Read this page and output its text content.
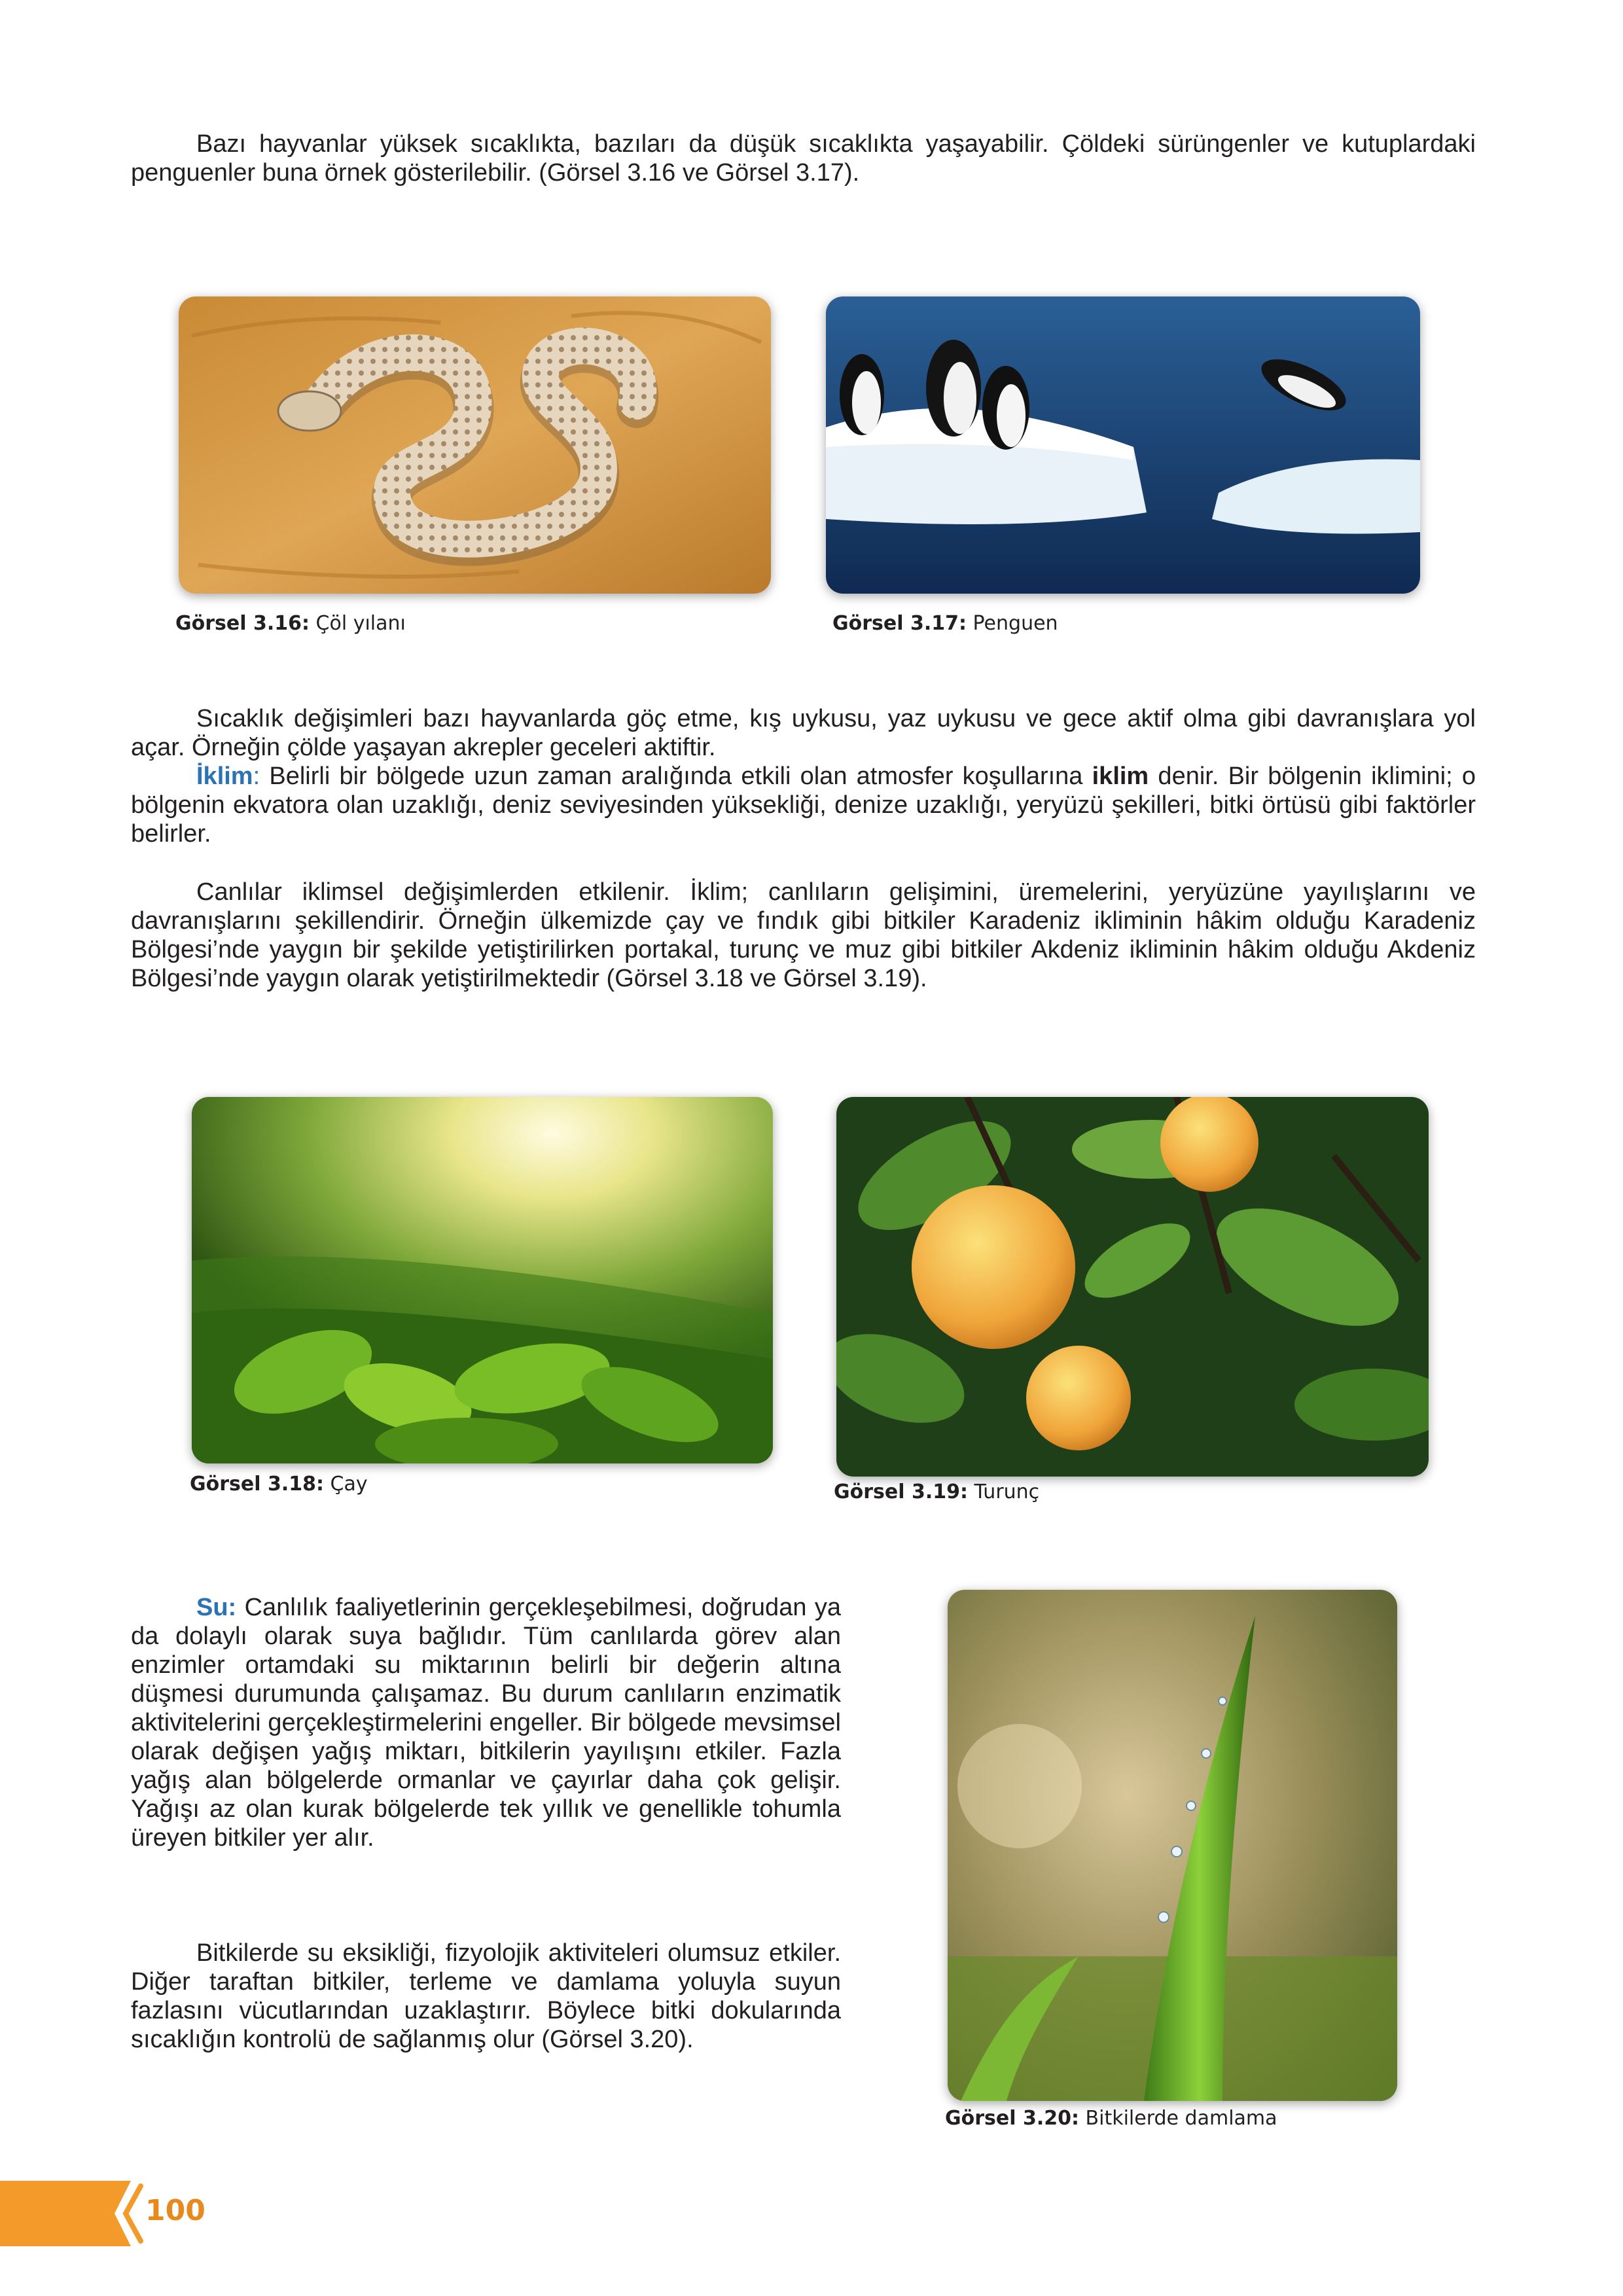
Bazı hayvanlar yüksek sıcaklıkta, bazıları da düşük sıcaklıkta yaşayabilir. Çöldeki sürüngenler ve kutuplardaki penguenler buna örnek gösterilebilir. (Görsel 3.16 ve Görsel 3.17).

Görsel 3.16: Çöl yılanı	Görsel 3.17: Penguen

Sıcaklık değişimleri bazı hayvanlarda göç etme, kış uykusu, yaz uykusu ve gece aktif olma gibi davranışlara yol açar. Örneğin çölde yaşayan akrepler geceleri aktiftir.

İklim: Belirli bir bölgede uzun zaman aralığında etkili olan atmosfer koşullarına iklim denir. Bir bölgenin iklimini; o bölgenin ekvatora olan uzaklığı, deniz seviyesinden yüksekliği, denize uzaklığı, yeryüzü şekilleri, bitki örtüsü gibi faktörler belirler.

Canlılar iklimsel değişimlerden etkilenir. İklim; canlıların gelişimini, üremelerini, yeryüzüne yayılışlarını ve davranışlarını şekillendirir. Örneğin ülkemizde çay ve fındık gibi bitkiler Karadeniz ikliminin hâkim olduğu Karadeniz Bölgesi’nde yaygın bir şekilde yetiştirilirken portakal, turunç ve muz gibi bitkiler Akdeniz ikliminin hâkim olduğu Akdeniz Bölgesi’nde yaygın olarak yetiştirilmektedir (Görsel 3.18 ve Görsel 3.19).

Görsel 3.18: Çay	Görsel 3.19: Turunç

Su: Canlılık faaliyetlerinin gerçekleşebilmesi, doğrudan ya da dolaylı olarak suya bağlıdır. Tüm canlılarda görev alan enzimler ortamdaki su miktarının belirli bir değerin altına düşmesi durumunda çalışamaz. Bu durum canlıların enzimatik aktivitelerini gerçekleştirmelerini engeller. Bir bölgede mevsimsel olarak değişen yağış miktarı, bitkilerin yayılışını etkiler. Fazla yağış alan bölgelerde ormanlar ve çayırlar daha çok gelişir. Yağışı az olan kurak bölgelerde tek yıllık ve genellikle tohumla üreyen bitkiler yer alır.

Bitkilerde su eksikliği, fizyolojik aktiviteleri olumsuz etkiler. Diğer taraftan bitkiler, terleme ve damlama yoluyla suyun fazlasını vücutlarından uzaklaştırır. Böylece bitki dokularında sıcaklığın kontrolü de sağlanmış olur (Görsel 3.20).

Görsel 3.20: Bitkilerde damlama
100
